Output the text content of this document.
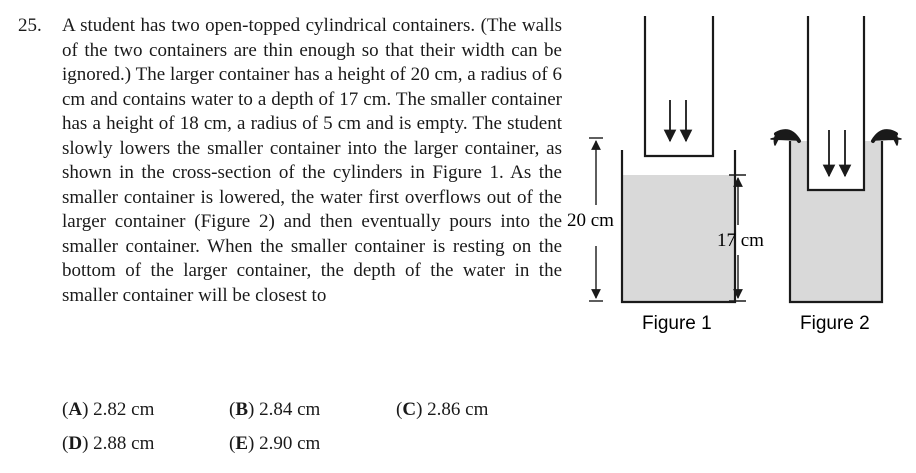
25. A student has two open-topped cylindrical containers. (The walls of the two containers are thin enough so that their width can be ignored.) The larger container has a height of 20 cm, a radius of 6 cm and contains water to a depth of 17 cm. The smaller container has a height of 18 cm, a radius of 5 cm and is empty. The student slowly lowers the smaller container into the larger container, as shown in the cross-section of the cylinders in Figure 1. As the smaller container is lowered, the water first overflows out of the larger container (Figure 2) and then eventually pours into the smaller container. When the smaller container is resting on the bottom of the larger container, the depth of the water in the smaller container will be closest to

(A) 2.82 cm	(B) 2.84 cm	(C) 2.86 cm
(D) 2.88 cm	(E) 2.90 cm
20 cm
17 cm
Figure 1	Figure 2
